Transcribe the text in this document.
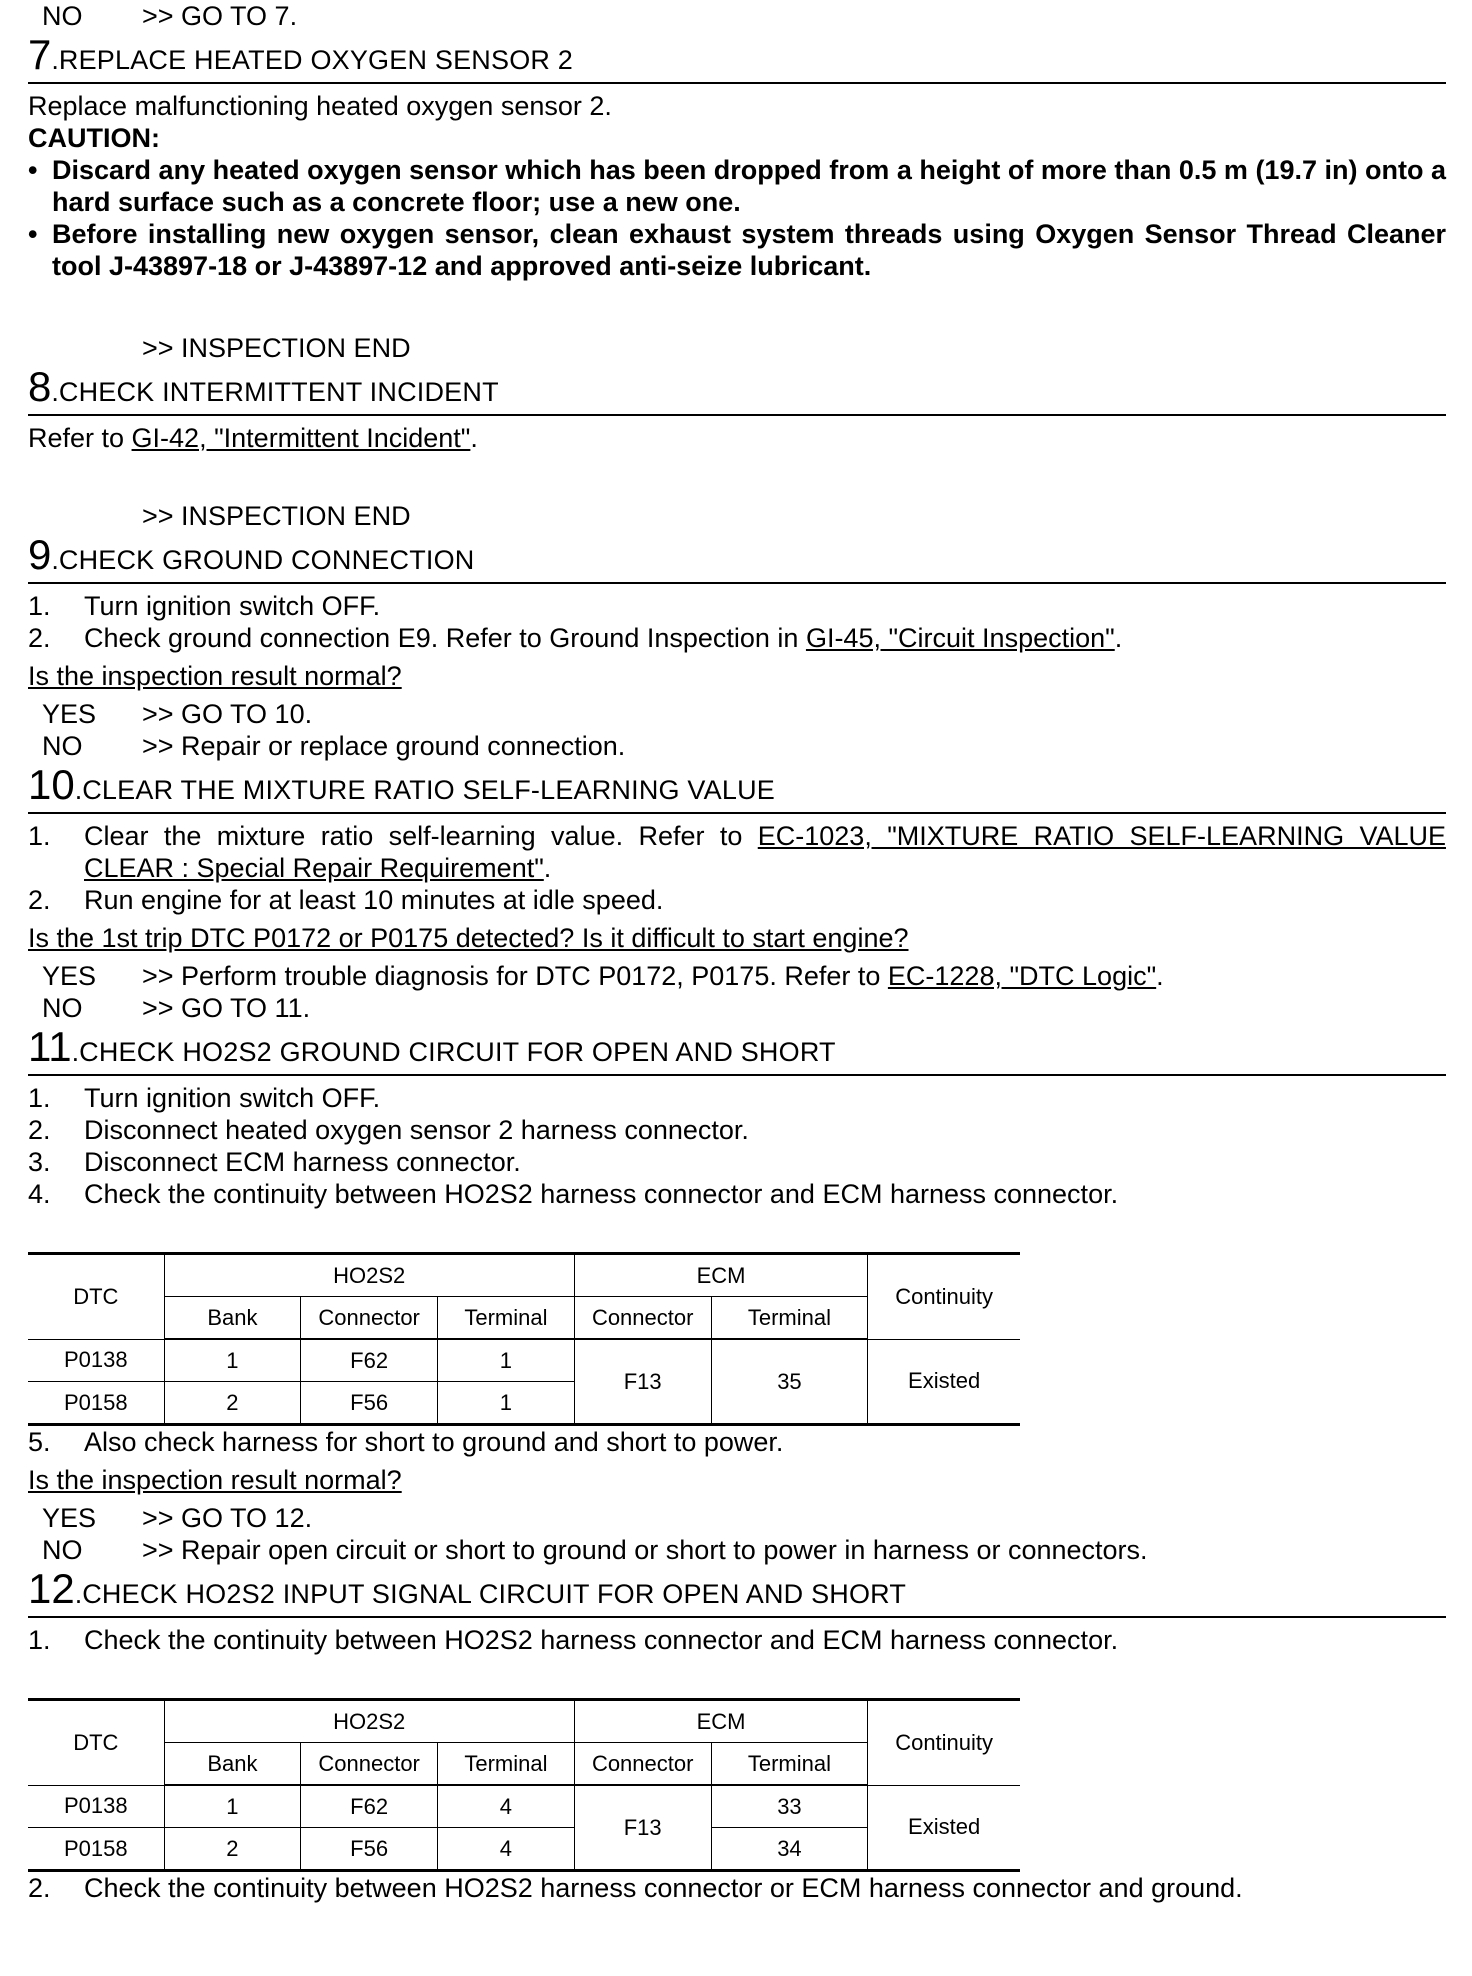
NO	>> GO TO 7.
7 . REPLACE HEATED OXYGEN SENSOR 2
Replace malfunctioning heated oxygen sensor 2.
CAUTION:
• Discard any heated oxygen sensor which has been dropped from a height of more than 0.5 m (19.7 in) onto a hard surface such as a concrete floor; use a new one.
• Before installing new oxygen sensor, clean exhaust system threads using Oxygen Sensor Thread Cleaner tool J-43897-18 or J-43897-12 and approved anti-seize lubricant.
>> INSPECTION END
8 . CHECK INTERMITTENT INCIDENT
Refer to GI-42, "Intermittent Incident".
>> INSPECTION END
9 . CHECK GROUND CONNECTION
1.	Turn ignition switch OFF.
2.	Check ground connection E9. Refer to Ground Inspection in GI-45, "Circuit Inspection".
Is the inspection result normal?
YES	>> GO TO 10.
NO	>> Repair or replace ground connection.
10 . CLEAR THE MIXTURE RATIO SELF-LEARNING VALUE
1.	Clear the mixture ratio self-learning value. Refer to EC-1023, "MIXTURE RATIO SELF-LEARNING VALUE CLEAR : Special Repair Requirement".
2.	Run engine for at least 10 minutes at idle speed.
Is the 1st trip DTC P0172 or P0175 detected? Is it difficult to start engine?
YES	>> Perform trouble diagnosis for DTC P0172, P0175. Refer to EC-1228, "DTC Logic".
NO	>> GO TO 11.
11 . CHECK HO2S2 GROUND CIRCUIT FOR OPEN AND SHORT
1.	Turn ignition switch OFF.
2.	Disconnect heated oxygen sensor 2 harness connector.
3.	Disconnect ECM harness connector.
4.	Check the continuity between HO2S2 harness connector and ECM harness connector.
DTC	HO2S2			ECM		Continuity
	Bank	Connector	Terminal	Connector	Terminal	
P0138	1	F62	1	F13	35	Existed
P0158	2	F56	1			
5.	Also check harness for short to ground and short to power.
Is the inspection result normal?
YES	>> GO TO 12.
NO	>> Repair open circuit or short to ground or short to power in harness or connectors.
12 . CHECK HO2S2 INPUT SIGNAL CIRCUIT FOR OPEN AND SHORT
1.	Check the continuity between HO2S2 harness connector and ECM harness connector.
DTC	HO2S2			ECM		Continuity
	Bank	Connector	Terminal	Connector	Terminal	
P0138	1	F62	4	F13	33	Existed
P0158	2	F56	4		34	
2.	Check the continuity between HO2S2 harness connector or ECM harness connector and ground.
